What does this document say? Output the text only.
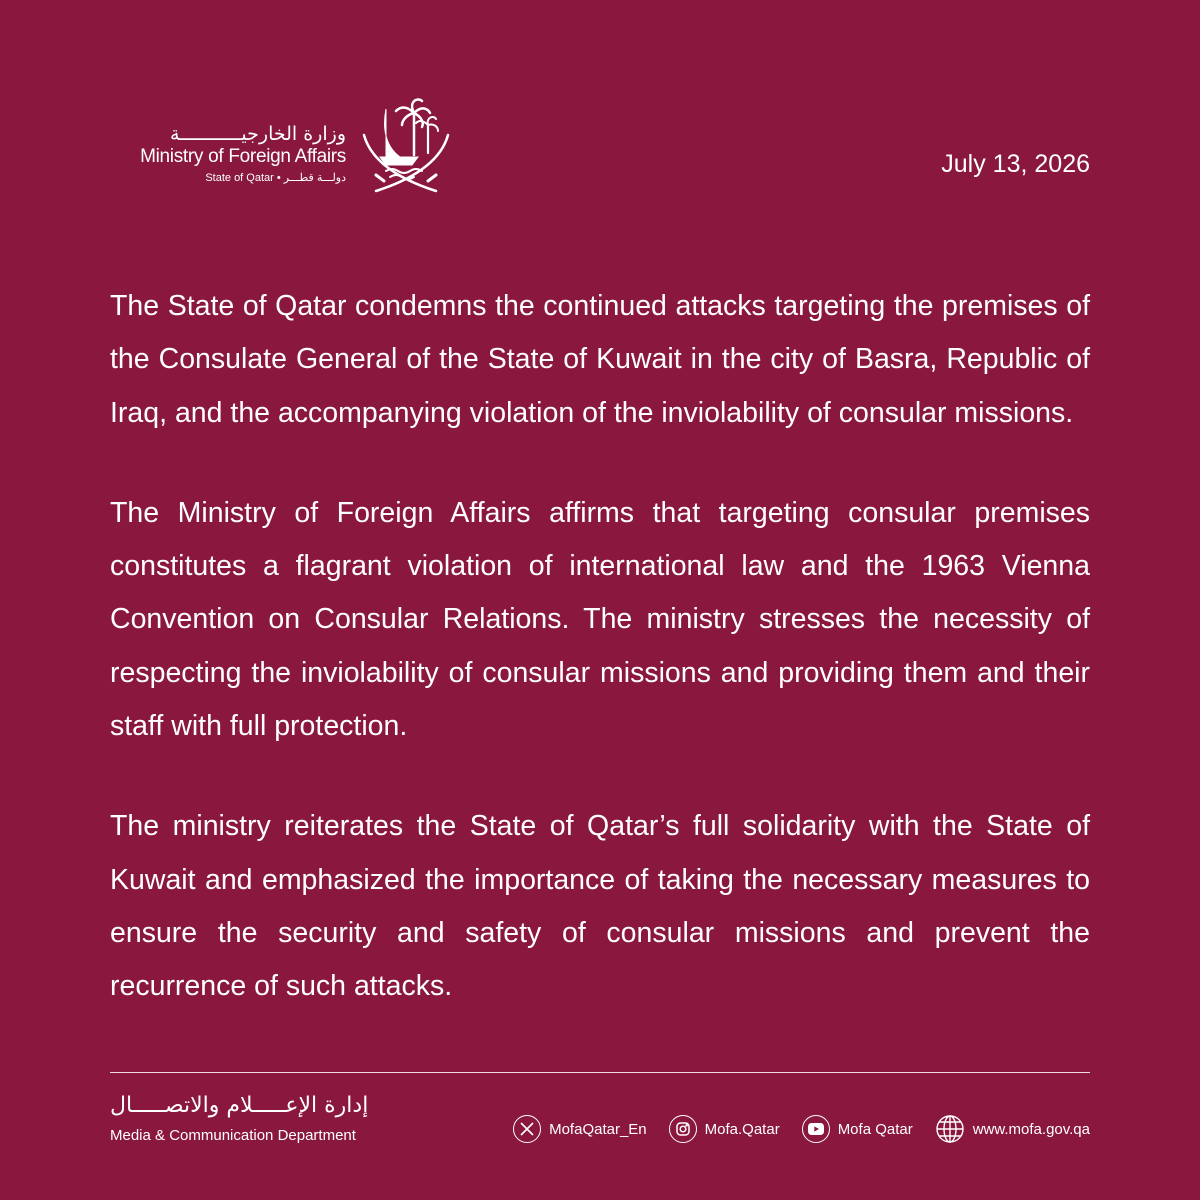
وزارة الخارجيـــــــــــة
Ministry of Foreign Affairs
State of Qatar • دولـــة قطـــر	July 13, 2026

The State of Qatar condemns the continued attacks targeting the premises of the Consulate General of the State of Kuwait in the city of Basra, Republic of Iraq, and the accompanying violation of the inviolability of consular missions.

The Ministry of Foreign Affairs affirms that targeting consular premises constitutes a flagrant violation of international law and the 1963 Vienna Convention on Consular Relations. The ministry stresses the necessity of respecting the inviolability of consular missions and providing them and their staff with full protection.

The ministry reiterates the State of Qatar’s full solidarity with the State of Kuwait and emphasized the importance of taking the necessary measures to ensure the security and safety of consular missions and prevent the recurrence of such attacks.

إدارة الإعـــــلام والاتصـــــال
Media & Communication Department	MofaQatar_En	Mofa.Qatar	Mofa Qatar	www.mofa.gov.qa
